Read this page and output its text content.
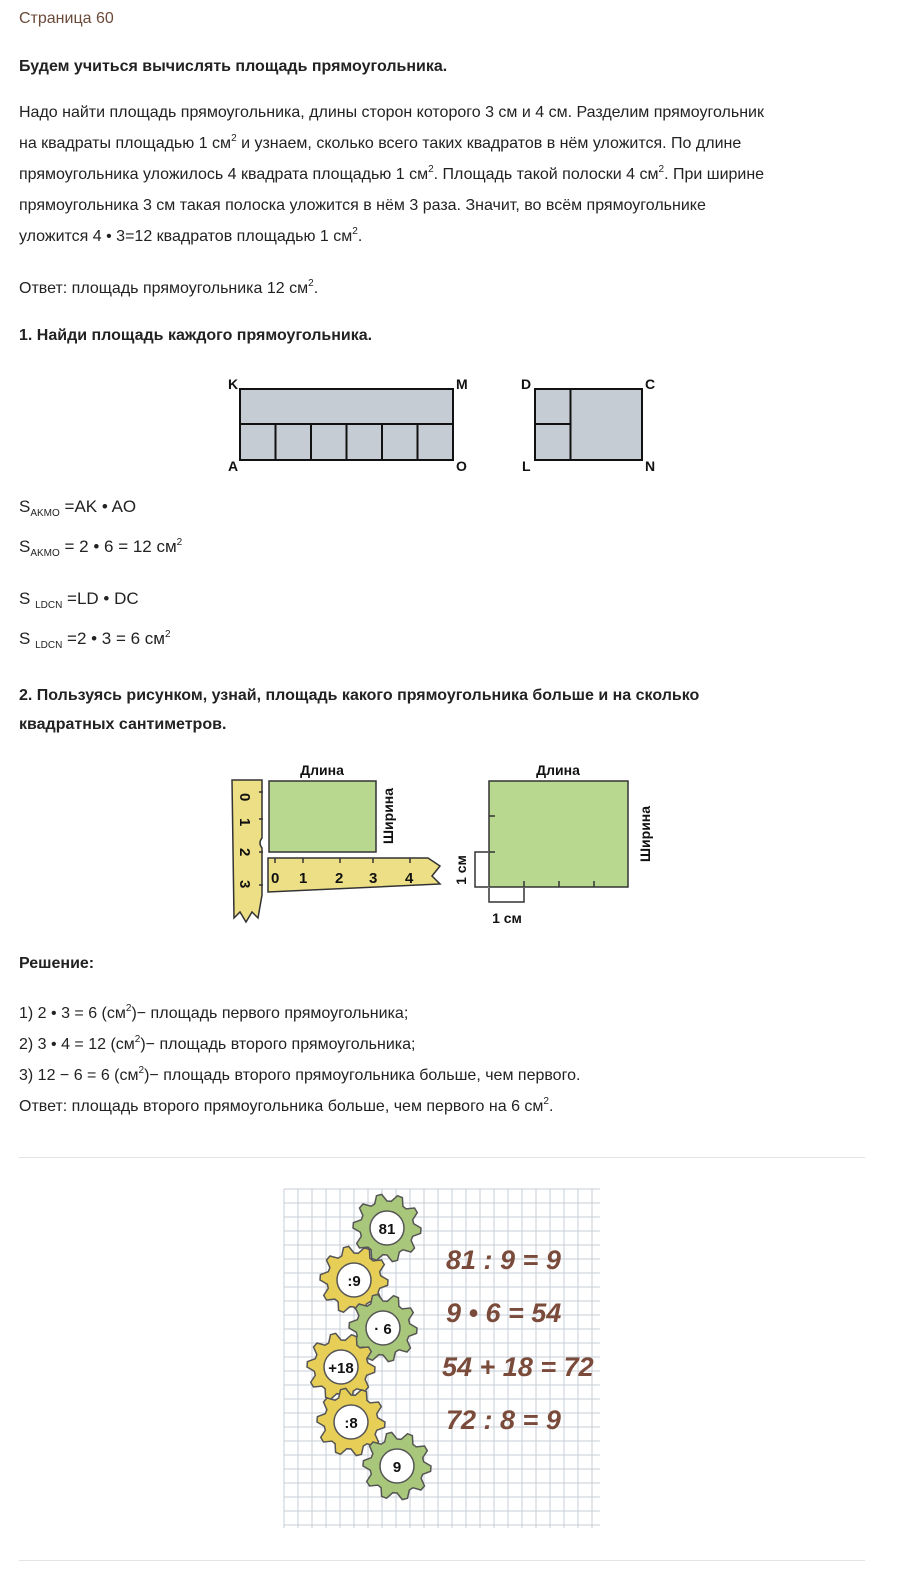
Страница 60
Будем учиться вычислять площадь прямоугольника.
Надо найти площадь прямоугольника, длины сторон которого 3 см и 4 см. Разделим прямоугольник
на квадраты площадью 1 $см^2$ и узнаем, сколько всего таких квадратов в нём уложится. По длине
прямоугольника уложилось 4 квадрата площадью 1 $см^2$. Площадь такой полоски 4 $см^2$. При ширине
прямоугольника 3 см такая полоска уложится в нём 3 раза. Значит, во всём прямоугольнике
уложится 4 • 3=12 квадратов площадью 1 $см^2$.
Ответ: площадь прямоугольника 12 $см^2$.
1. Найди площадь каждого прямоугольника.
K	M
A	O
D	C
L	N
$S_{AKMO} =AK$ • AO
$S_{AKMO} = 2$ • 6 = 12 $см^2$
S $_{LDCN}$ =LD • DC
S $_{LDCN}$ =2 • 3 = 6 $см^2$
2. Пользуясь рисунком, узнай, площадь какого прямоугольника больше и на сколько
квадратных сантиметров.
0
1
2
3 0 1 2 3 4
Длина
Ширина
Длина
Ширина
1 см
1 см
Решение:
1) 2 • 3 = 6 $(см^2)-$ площадь первого прямоугольника;
2) 3 • 4 = 12 $(см^2)-$ площадь второго прямоугольника;
3) 12 − 6 = 6 $(см^2)-$ площадь второго прямоугольника больше, чем первого.
Ответ: площадь второго прямоугольника больше, чем первого на 6 $см^2$.
81
:9
· 6
+18
:8
9
81 : 9 = 9
9 • 6 = 54
54 + 18 = 72
72 : 8 = 9
